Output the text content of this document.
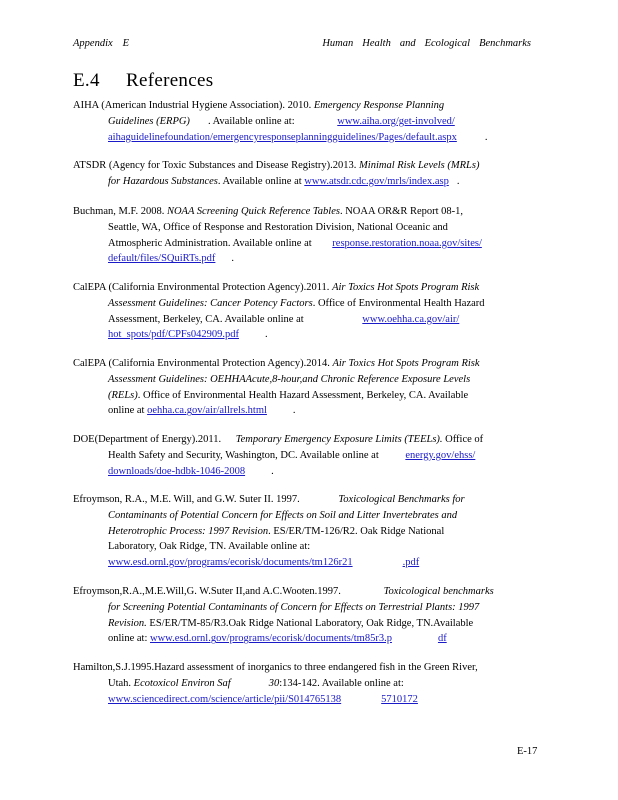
Appendix E	Human Health and Ecological Benchmarks
E.4 References
AIHA (American Industrial Hygiene Association). 2010. Emergency Response Planning
Guidelines (ERPG) . Available online at:	www.aiha.org/get-involved/
aihaguidelinefoundation/emergencyresponseplanningguidelines/Pages/default.aspx	.
ATSDR (Agency for Toxic Substances and Disease Registry).2013. Minimal Risk Levels (MRLs)
for Hazardous Substances. Available online at www.atsdr.cdc.gov/mrls/index.asp .
Buchman, M.F. 2008. NOAA Screening Quick Reference Tables. NOAA OR&R Report 08-1,
Seattle, WA, Office of Response and Restoration Division, National Oceanic and
Atmospheric Administration. Available online at response.restoration.noaa.gov/sites/
default/files/SQuiRTs.pdf .
CalEPA (California Environmental Protection Agency).2011. Air Toxics Hot Spots Program Risk
Assessment Guidelines: Cancer Potency Factors. Office of Environmental Health Hazard
Assessment, Berkeley, CA. Available online at	www.oehha.ca.gov/air/
hot_spots/pdf/CPFs042909.pdf .
CalEPA (California Environmental Protection Agency).2014. Air Toxics Hot Spots Program Risk
Assessment Guidelines: OEHHAAcute,8-hour,and Chronic Reference Exposure Levels
(RELs). Office of Environmental Health Hazard Assessment, Berkeley, CA. Available
online at oehha.ca.gov/air/allrels.html .
DOE(Department of Energy).2011. Temporary Emergency Exposure Limits (TEELs). Office of
Health Safety and Security, Washington, DC. Available online at energy.gov/ehss/
downloads/doe-hdbk-1046-2008 .
Efroymson, R.A., M.E. Will, and G.W. Suter II. 1997.	Toxicological Benchmarks for
Contaminants of Potential Concern for Effects on Soil and Litter Invertebrates and
Heterotrophic Process: 1997 Revision. ES/ER/TM-126/R2. Oak Ridge National
Laboratory, Oak Ridge, TN. Available online at:
www.esd.ornl.gov/programs/ecorisk/documents/tm126r21	.pdf
Efroymson,R.A.,M.E.Will,G. W.Suter II,and A.C.Wooten.1997.	Toxicological benchmarks
for Screening Potential Contaminants of Concern for Effects on Terrestrial Plants: 1997
Revision. ES/ER/TM-85/R3.Oak Ridge National Laboratory, Oak Ridge, TN.Available
online at: www.esd.ornl.gov/programs/ecorisk/documents/tm85r3.p	df
Hamilton,S.J.1995.Hazard assessment of inorganics to three endangered fish in the Green River,
Utah. Ecotoxicol Environ Saf	30:134-142. Available online at:
www.sciencedirect.com/science/article/pii/S014765138	5710172
E-17
